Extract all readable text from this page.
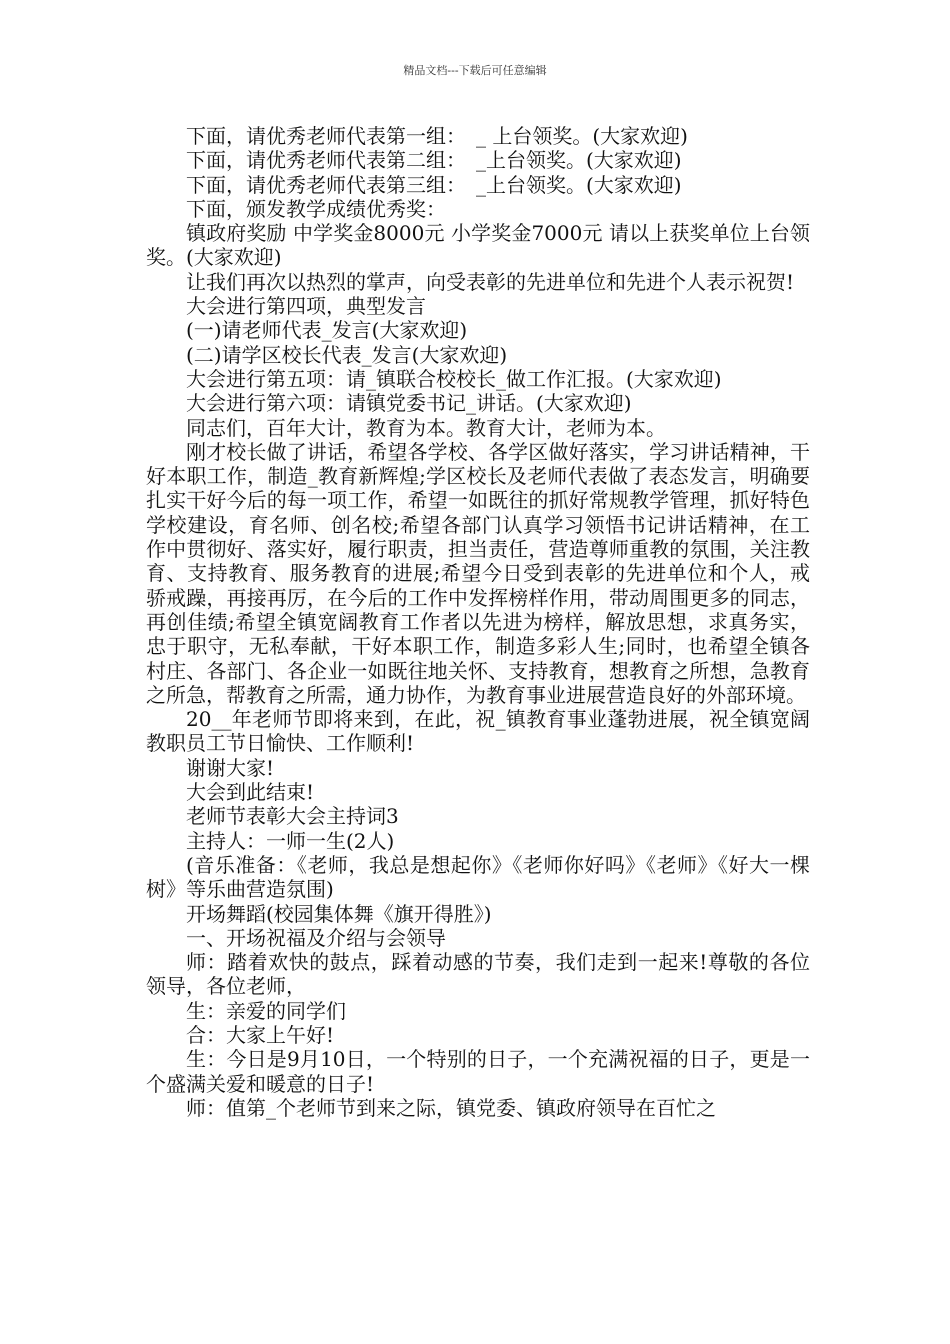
精品文档---下载后可任意编辑

下面，请优秀老师代表第一组：　_ 上台领奖。(大家欢迎)

下面，请优秀老师代表第二组：　_上台领奖。(大家欢迎)

下面，请优秀老师代表第三组：　_上台领奖。(大家欢迎)

下面，颁发教学成绩优秀奖：

镇政府奖励 中学奖金8000元 小学奖金7000元 请以上获奖单位上台领奖。(大家欢迎)

让我们再次以热烈的掌声，向受表彰的先进单位和先进个人表示祝贺!

大会进行第四项，典型发言

(一)请老师代表_发言(大家欢迎)

(二)请学区校长代表_发言(大家欢迎)

大会进行第五项：请_镇联合校校长_做工作汇报。(大家欢迎)

大会进行第六项：请镇党委书记_讲话。(大家欢迎)

同志们，百年大计，教育为本。教育大计，老师为本。

刚才校长做了讲话，希望各学校、各学区做好落实，学习讲话精神，干好本职工作，制造_教育新辉煌;学区校长及老师代表做了表态发言，明确要扎实干好今后的每一项工作，希望一如既往的抓好常规教学管理，抓好特色学校建设，育名师、创名校;希望各部门认真学习领悟书记讲话精神，在工作中贯彻好、落实好，履行职责，担当责任，营造尊师重教的氛围，关注教育、支持教育、服务教育的进展;希望今日受到表彰的先进单位和个人，戒骄戒躁，再接再厉，在今后的工作中发挥榜样作用，带动周围更多的同志，再创佳绩;希望全镇宽阔教育工作者以先进为榜样，解放思想，求真务实，忠于职守，无私奉献，干好本职工作，制造多彩人生;同时，也希望全镇各村庄、各部门、各企业一如既往地关怀、支持教育，想教育之所想，急教育之所急，帮教育之所需，通力协作，为教育事业进展营造良好的外部环境。

20__年老师节即将来到，在此，祝_镇教育事业蓬勃进展，祝全镇宽阔教职员工节日愉快、工作顺利!

谢谢大家!

大会到此结束!

老师节表彰大会主持词3

主持人：一师一生(2人)

(音乐准备：《老师，我总是想起你》《老师你好吗》《老师》《好大一棵树》等乐曲营造氛围)

开场舞蹈(校园集体舞《旗开得胜》)

一、开场祝福及介绍与会领导

师：踏着欢快的鼓点，踩着动感的节奏，我们走到一起来!尊敬的各位领导，各位老师，

生：亲爱的同学们

合：大家上午好!

生：今日是9月10日，一个特别的日子，一个充满祝福的日子，更是一个盛满关爱和暖意的日子!

师：值第_个老师节到来之际，镇党委、镇政府领导在百忙之
